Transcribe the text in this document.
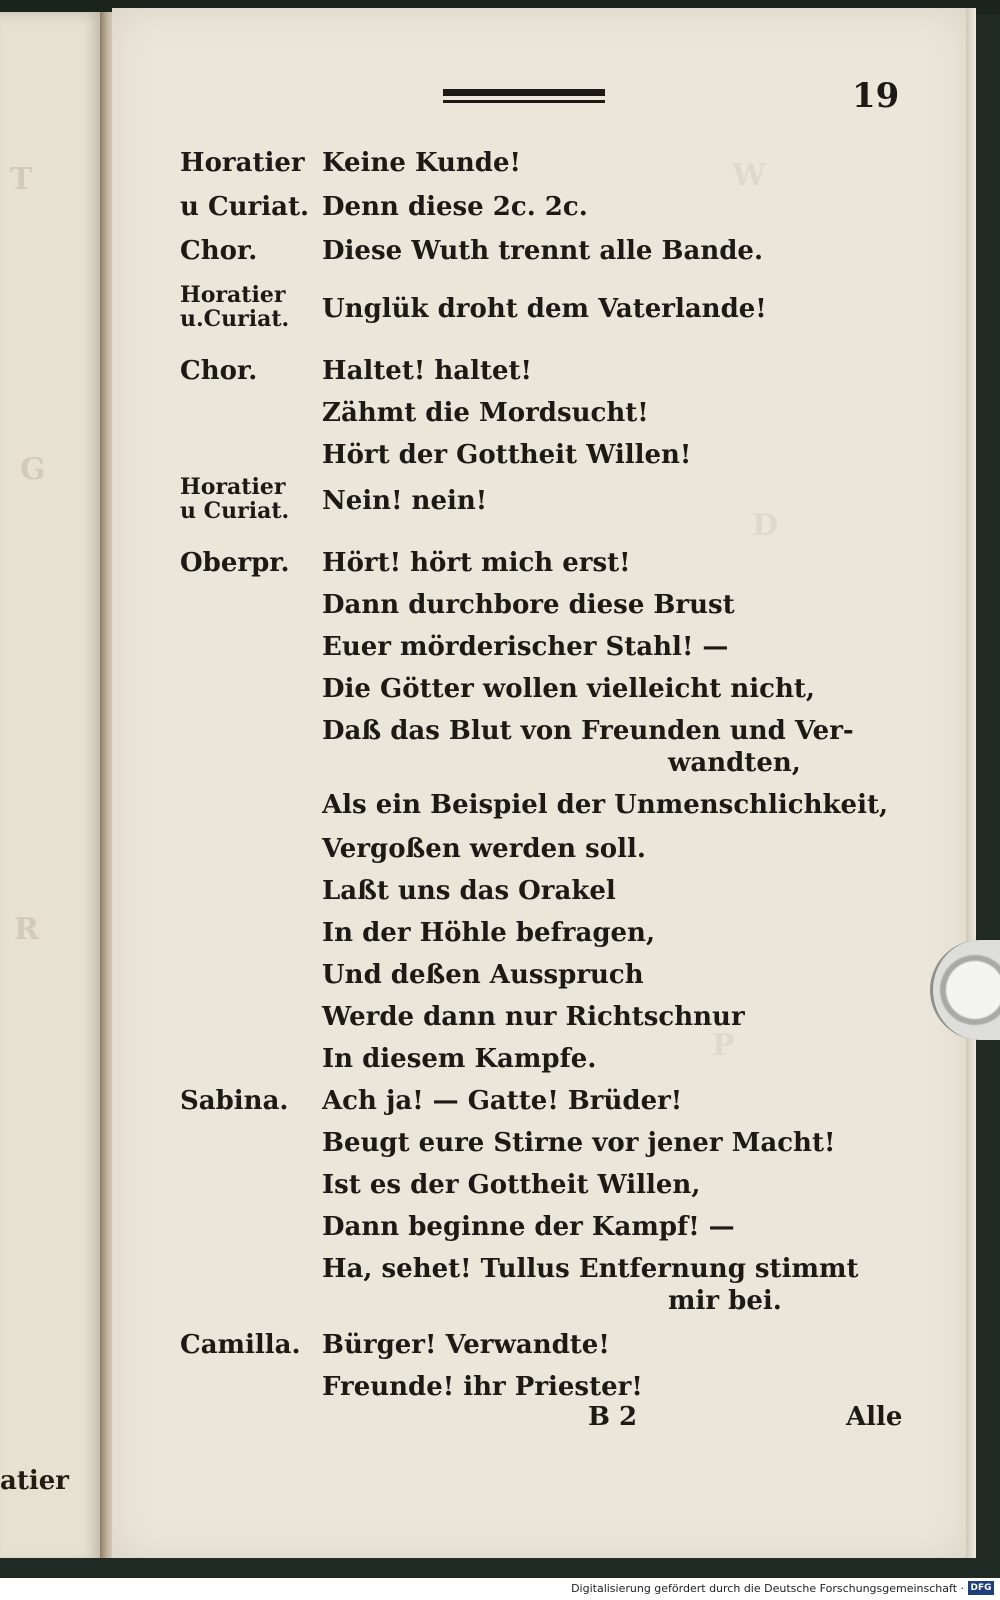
T
G
R
atier
W
D
P
19
Horatier Keine Kunde!
u Curiat. Denn diese 2c. 2c.
Chor. Diese Wuth trennt alle Bande.
Horatier
u.Curiat. Unglük droht dem Vaterlande!
Chor. Haltet! haltet!
Zähmt die Mordsucht!
Hört der Gottheit Willen!
Horatier
u Curiat. Nein! nein!
Oberpr. Hört! hört mich erst!
Dann durchbore diese Brust
Euer mörderischer Stahl! —
Die Götter wollen vielleicht nicht,
Daß das Blut von Freunden und Ver-
wandten,
Als ein Beispiel der Unmenschlichkeit,
Vergoßen werden soll.
Laßt uns das Orakel
In der Höhle befragen,
Und deßen Ausspruch
Werde dann nur Richtschnur
In diesem Kampfe.
Sabina. Ach ja! — Gatte! Brüder!
Beugt eure Stirne vor jener Macht!
Ist es der Gottheit Willen,
Dann beginne der Kampf! —
Ha, sehet! Tullus Entfernung stimmt
mir bei.
Camilla. Bürger! Verwandte!
Freunde! ihr Priester!
B 2	Alle
Digitalisierung gefördert durch die Deutsche Forschungsgemeinschaft · DFG
